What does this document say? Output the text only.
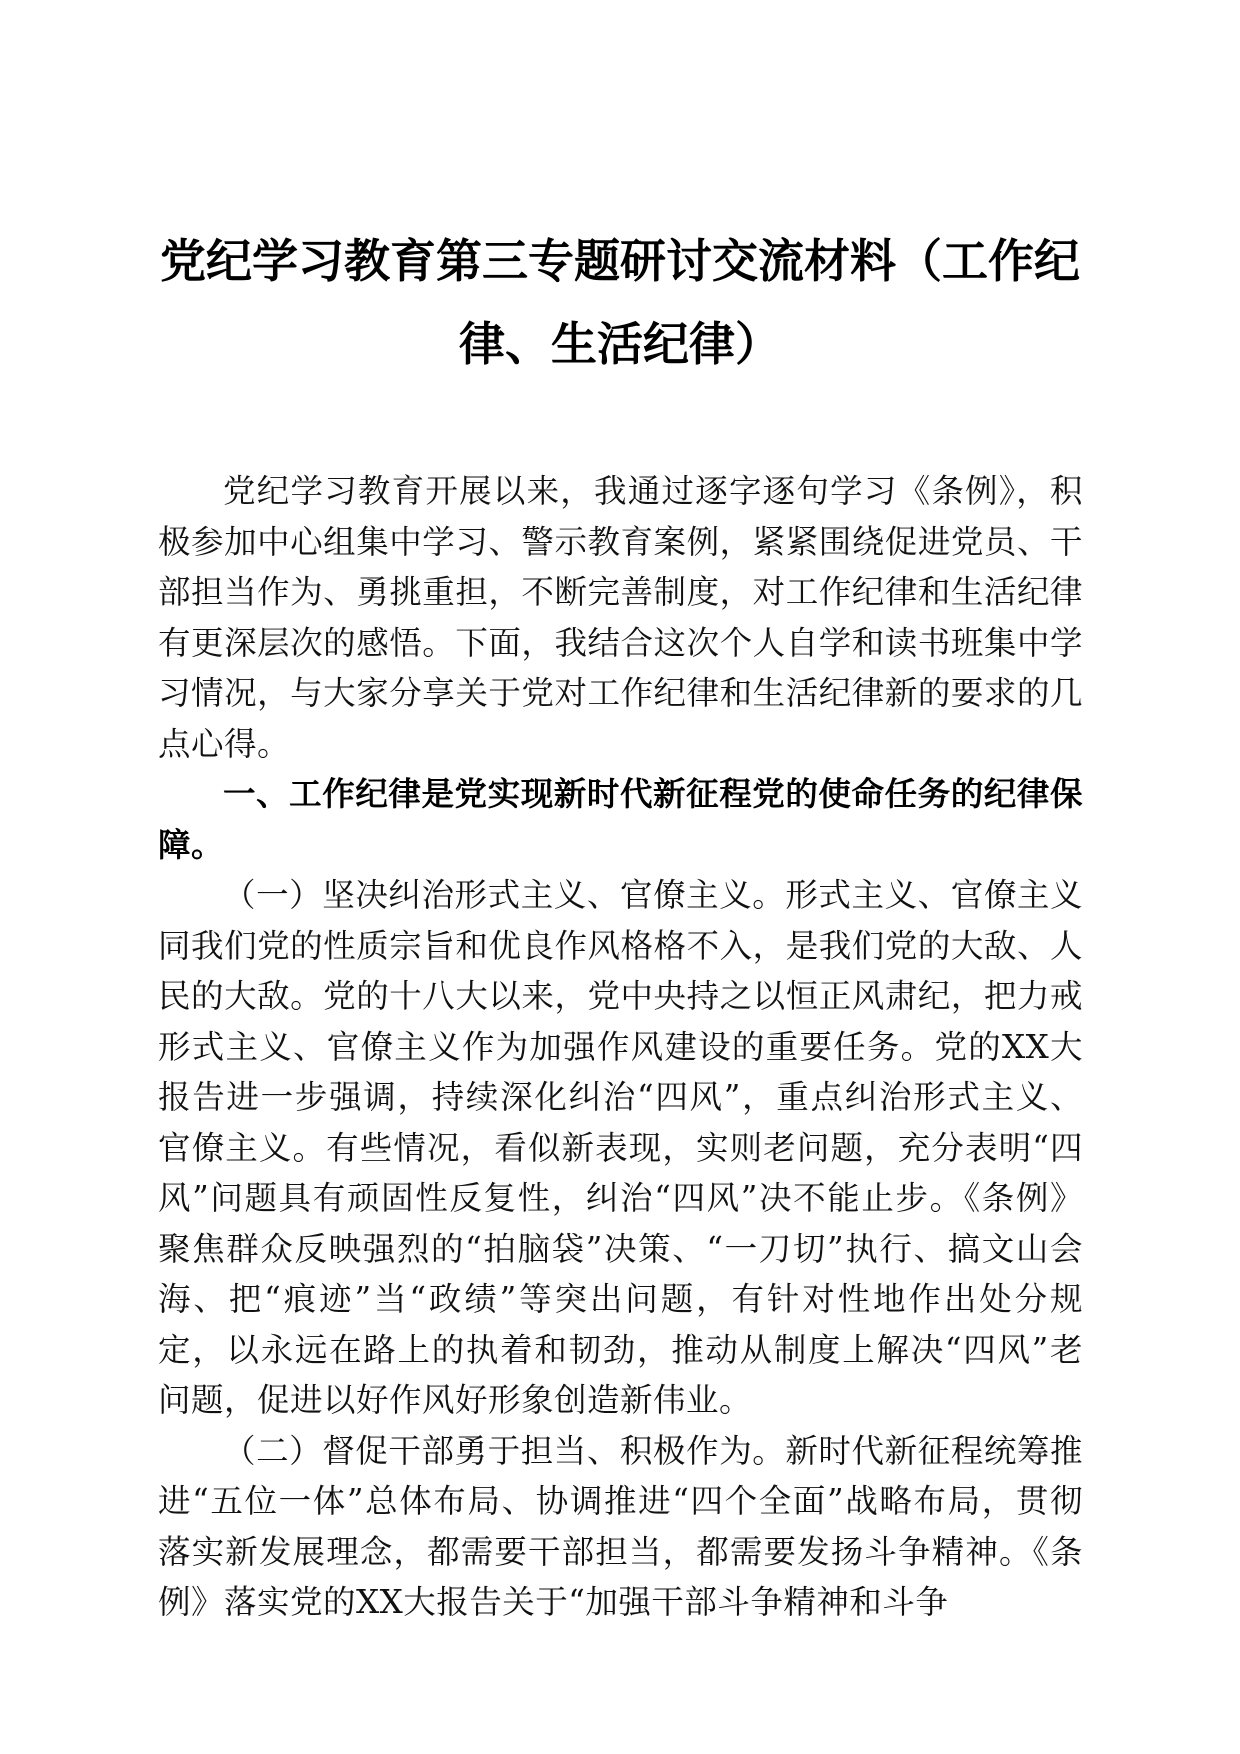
党纪学习教育第三专题研讨交流材料（工作纪律、生活纪律）

党纪学习教育开展以来，我通过逐字逐句学习《条例》，积极参加中心组集中学习、警示教育案例，紧紧围绕促进党员、干部担当作为、勇挑重担，不断完善制度，对工作纪律和生活纪律有更深层次的感悟。下面，我结合这次个人自学和读书班集中学习情况，与大家分享关于党对工作纪律和生活纪律新的要求的几点心得。

一、工作纪律是党实现新时代新征程党的使命任务的纪律保障。

（一）坚决纠治形式主义、官僚主义。形式主义、官僚主义同我们党的性质宗旨和优良作风格格不入，是我们党的大敌、人民的大敌。党的十八大以来，党中央持之以恒正风肃纪，把力戒形式主义、官僚主义作为加强作风建设的重要任务。党的XX大报告进一步强调，持续深化纠治“四风”，重点纠治形式主义、官僚主义。有些情况，看似新表现，实则老问题，充分表明“四风”问题具有顽固性反复性，纠治“四风”决不能止步。《条例》聚焦群众反映强烈的“拍脑袋”决策、“一刀切”执行、搞文山会海、把“痕迹”当“政绩”等突出问题，有针对性地作出处分规定，以永远在路上的执着和韧劲，推动从制度上解决“四风”老问题，促进以好作风好形象创造新伟业。

（二）督促干部勇于担当、积极作为。新时代新征程统筹推进“五位一体”总体布局、协调推进“四个全面”战略布局，贯彻落实新发展理念，都需要干部担当，都需要发扬斗争精神。《条例》落实党的XX大报告关于“加强干部斗争精神和斗争
